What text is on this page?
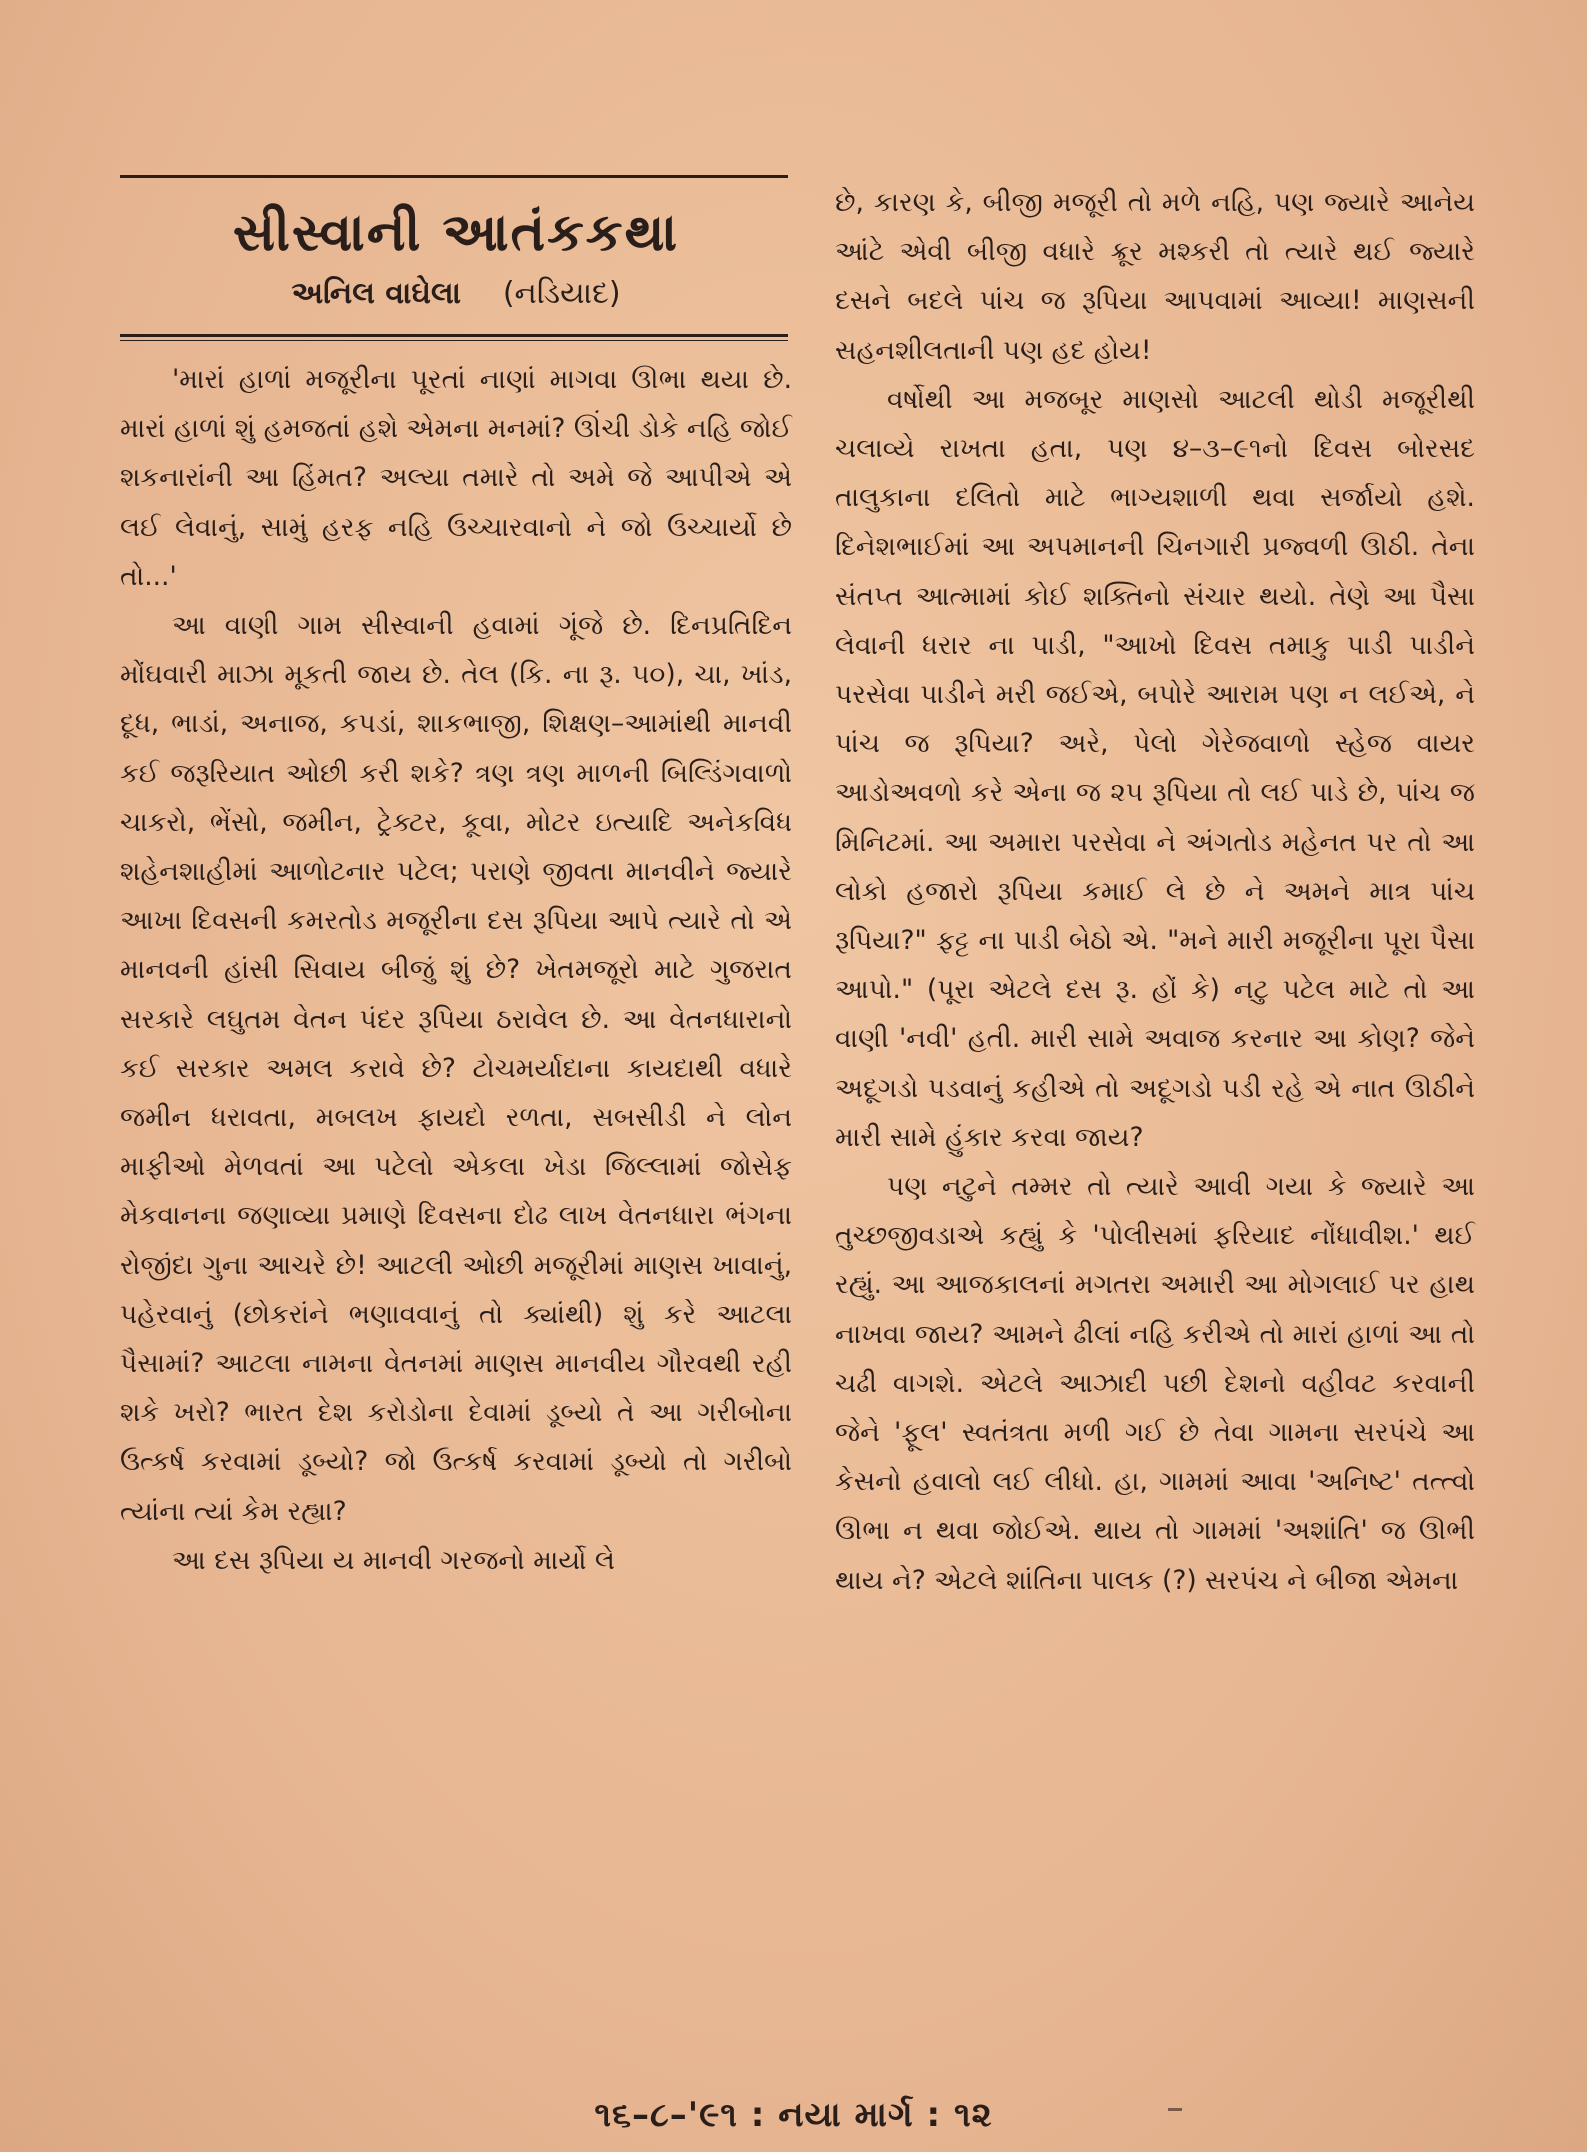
સીસ્વાની આતંકકથા
અનિલ વાઘેલા (નડિયાદ)

'મારાં હાળાં મજૂરીના પૂરતાં નાણાં માગવા ઊભા થયા છે. મારાં હાળાં શું હમજતાં હશે એમના મનમાં? ઊંચી ડોકે નહિ જોઈ શકનારાંની આ હિંમત? અલ્યા તમારે તો અમે જે આપીએ એ લઈ લેવાનું, સામું હરફ નહિ ઉચ્ચારવાનો ને જો ઉચ્ચાર્યો છે તો...'

આ વાણી ગામ સીસ્વાની હવામાં ગૂંજે છે. દિનપ્રતિદિન મોંઘવારી માઝા મૂકતી જાય છે. તેલ (કિ. ના રૂ. ૫૦), ચા, ખાંડ, દૂધ, ભાડાં, અનાજ, કપડાં, શાકભાજી, શિક્ષણ–આમાંથી માનવી કઈ જરૂરિયાત ઓછી કરી શકે? ત્રણ ત્રણ માળની બિલ્ડિંગવાળો ચાકરો, ભેંસો, જમીન, ટ્રેક્ટર, કૂવા, મોટર ઇત્યાદિ અનેકવિધ શહેનશાહીમાં આળોટનાર પટેલ; પરાણે જીવતા માનવીને જ્યારે આખા દિવસની કમરતોડ મજૂરીના દસ રૂપિયા આપે ત્યારે તો એ માનવની હાંસી સિવાય બીજું શું છે? ખેતમજૂરો માટે ગુજરાત સરકારે લઘુતમ વેતન પંદર રૂપિયા ઠરાવેલ છે. આ વેતનધારાનો કઈ સરકાર અમલ કરાવે છે? ટોચમર્યાદાના કાયદાથી વધારે જમીન ધરાવતા, મબલખ ફાયદો રળતા, સબસીડી ને લોન માફીઓ મેળવતાં આ પટેલો એકલા ખેડા જિલ્લામાં જોસેફ મેકવાનના જણાવ્યા પ્રમાણે દિવસના દોઢ લાખ વેતનધારા ભંગના રોજીંદા ગુના આચરે છે! આટલી ઓછી મજૂરીમાં માણસ ખાવાનું, પહેરવાનું (છોકરાંને ભણાવવાનું તો ક્યાંથી) શું કરે આટલા પૈસામાં? આટલા નામના વેતનમાં માણસ માનવીય ગૌરવથી રહી શકે ખરો? ભારત દેશ કરોડોના દેવામાં ડૂબ્યો તે આ ગરીબોના ઉત્કર્ષ કરવામાં ડૂબ્યો? જો ઉત્કર્ષ કરવામાં ડૂબ્યો તો ગરીબો ત્યાંના ત્યાં કેમ રહ્યા?

આ દસ રૂપિયા ય માનવી ગરજનો માર્યો લે

છે, કારણ કે, બીજી મજૂરી તો મળે નહિ, પણ જ્યારે આનેય આંટે એવી બીજી વધારે ક્રૂર મશ્કરી તો ત્યારે થઈ જ્યારે દસને બદલે પાંચ જ રૂપિયા આપવામાં આવ્યા! માણસની સહનશીલતાની પણ હદ હોય!

વર્ષોથી આ મજબૂર માણસો આટલી થોડી મજૂરીથી ચલાવ્યે રાખતા હતા, પણ ૪–૩–૯૧નો દિવસ બોરસદ તાલુકાના દલિતો માટે ભાગ્યશાળી થવા સર્જાયો હશે. દિનેશભાઈમાં આ અપમાનની ચિનગારી પ્રજ્વળી ઊઠી. તેના સંતપ્ત આત્મામાં કોઈ શક્તિનો સંચાર થયો. તેણે આ પૈસા લેવાની ધરાર ના પાડી, "આખો દિવસ તમાકુ પાડી પાડીને પરસેવા પાડીને મરી જઈએ, બપોરે આરામ પણ ન લઈએ, ને પાંચ જ રૂપિયા? અરે, પેલો ગેરેજવાળો સ્હેજ વાયર આડોઅવળો કરે એના જ ૨૫ રૂપિયા તો લઈ પાડે છે, પાંચ જ મિનિટમાં. આ અમારા પરસેવા ને અંગતોડ મહેનત પર તો આ લોકો હજારો રૂપિયા કમાઈ લે છે ને અમને માત્ર પાંચ રૂપિયા?" ફટ્ટ ના પાડી બેઠો એ. "મને મારી મજૂરીના પૂરા પૈસા આપો." (પૂરા એટલે દસ રૂ. હોં કે) નટુ પટેલ માટે તો આ વાણી 'નવી' હતી. મારી સામે અવાજ કરનાર આ કોણ? જેને અદૂગડો પડવાનું કહીએ તો અદૂગડો પડી રહે એ નાત ઊઠીને મારી સામે હુંકાર કરવા જાય?

પણ નટુને તમ્મર તો ત્યારે આવી ગયા કે જ્યારે આ તુચ્છજીવડાએ કહ્યું કે 'પોલીસમાં ફરિયાદ નોંધાવીશ.' થઈ રહ્યું. આ આજકાલનાં મગતરા અમારી આ મોગલાઈ પર હાથ નાખવા જાય? આમને ઢીલાં નહિ કરીએ તો મારાં હાળાં આ તો ચઢી વાગશે. એટલે આઝાદી પછી દેશનો વહીવટ કરવાની જેને 'ફૂલ' સ્વતંત્રતા મળી ગઈ છે તેવા ગામના સરપંચે આ કેસનો હવાલો લઈ લીધો. હા, ગામમાં આવા 'અનિષ્ટ' તત્ત્વો ઊભા ન થવા જોઈએ. થાય તો ગામમાં 'અશાંતિ' જ ઊભી થાય ને? એટલે શાંતિના પાલક (?) સરપંચ ને બીજા એમના

૧૬–૮–'૯૧ : નયા માર્ગ : ૧૨
